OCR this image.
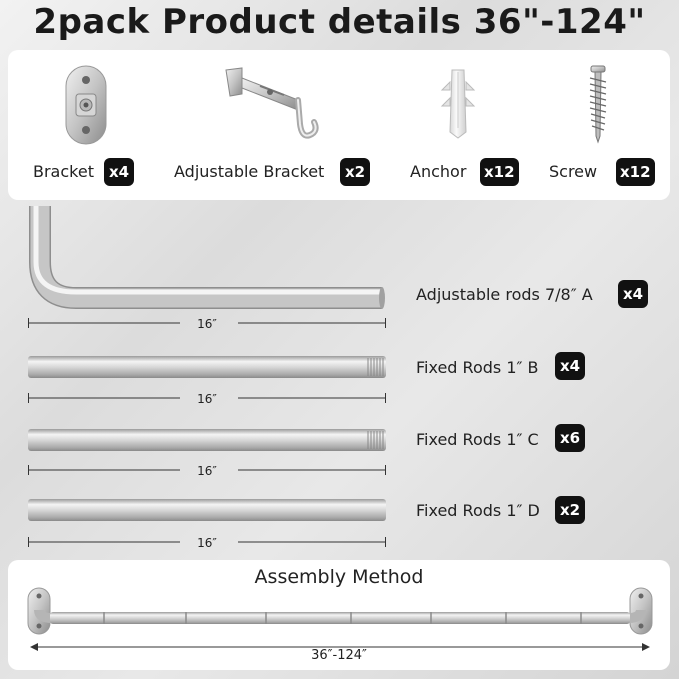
2pack Product details 36"-124"
Bracket x4	Adjustable Bracket	x2	Anchor x12 Screw x12
Adjustable rods 7/8″ A	x4
16″
Fixed Rods 1″ B	x4
16″
Fixed Rods 1″ C	x6
16″
Fixed Rods 1″ D	x2
16″
Assembly Method
36″-124″
